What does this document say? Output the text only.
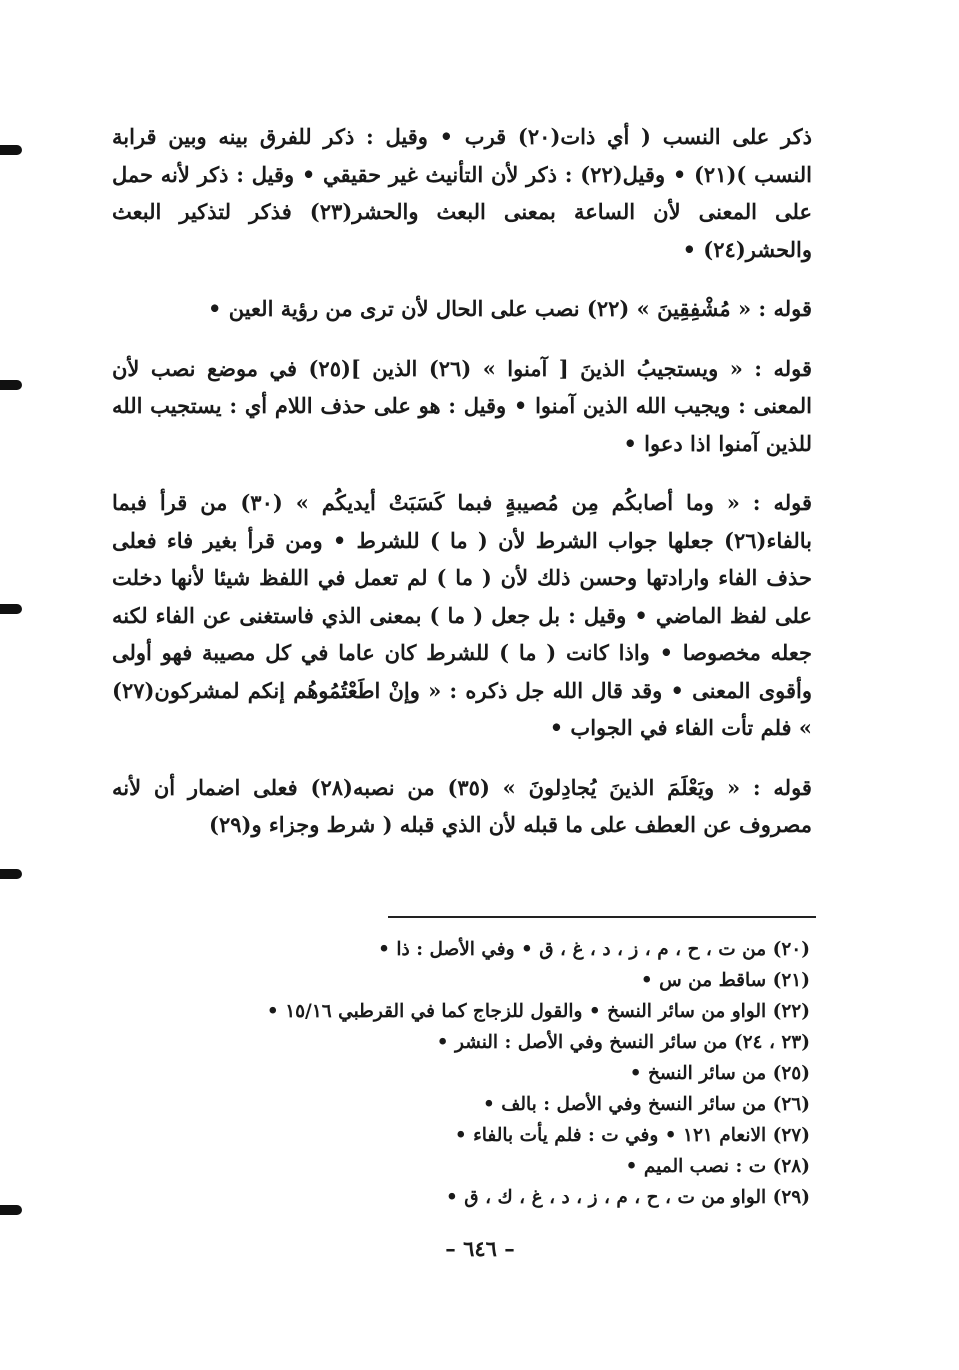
ذكر على النسب ( أي ذات(٢٠) قرب • وقيل : ذكر للفرق بينه وبين قرابة النسب )(٢١) • وقيل(٢٢) : ذكر لأن التأنيث غير حقيقي • وقيل : ذكر لأنه حمل على المعنى لأن الساعة بمعنى البعث والحشر(٢٣) فذكر لتذكير البعث والحشر(٢٤) •

قوله : « مُشْفِقِينَ » (٢٢) نصب على الحال لأن ترى من رؤية العين •

قوله : « ويستجيبُ الذينَ [ آمنوا » (٢٦) الذين ](٢٥) في موضع نصب لأن المعنى : ويجيب الله الذين آمنوا • وقيل : هو على حذف اللام أي : يستجيب الله للذين آمنوا اذا دعوا •

قوله : « وما أصابكُم مِن مُصيبةٍ فبما كَسَبَتْ أيديكُم » (٣٠) من قرأ فبما بالفاء(٢٦) جعلها جواب الشرط لأن ( ما ) للشرط • ومن قرأ بغير فاء فعلى حذف الفاء وارادتها وحسن ذلك لأن ( ما ) لم تعمل في اللفظ شيئا لأنها دخلت على لفظ الماضي • وقيل : بل جعل ( ما ) بمعنى الذي فاستغنى عن الفاء لكنه جعله مخصوصا • واذا كانت ( ما ) للشرط كان عاما في كل مصيبة فهو أولى وأقوى المعنى • وقد قال الله جل ذكره : « وإنْ اطَعْتُمُوهُم إنكم لمشركون(٢٧) » فلم تأت الفاء في الجواب •

قوله : « ويَعْلَمَ الذينَ يُجادِلونَ » (٣٥) من نصبه(٢٨) فعلى اضمار أن لأنه مصروف عن العطف على ما قبله لأن الذي قبله ( شرط وجزاء و(٢٩)

(٢٠) من ت ، ح ، م ، ز ، د ، غ ، ق • وفي الأصل : ذا •
(٢١) ساقط من س •
(٢٢) الواو من سائر النسخ • والقول للزجاج كما في القرطبي ١٥/١٦ •
(٢٣ ، ٢٤) من سائر النسخ وفي الأصل : النشر •
(٢٥) من سائر النسخ •
(٢٦) من سائر النسخ وفي الأصل : بالف •
(٢٧) الانعام ١٢١ • وفي ت : فلم يأت بالفاء •
(٢٨) ت : نصب الميم •
(٢٩) الواو من ت ، ح ، م ، ز ، د ، غ ، ك ، ق •
– ٦٤٦ –
